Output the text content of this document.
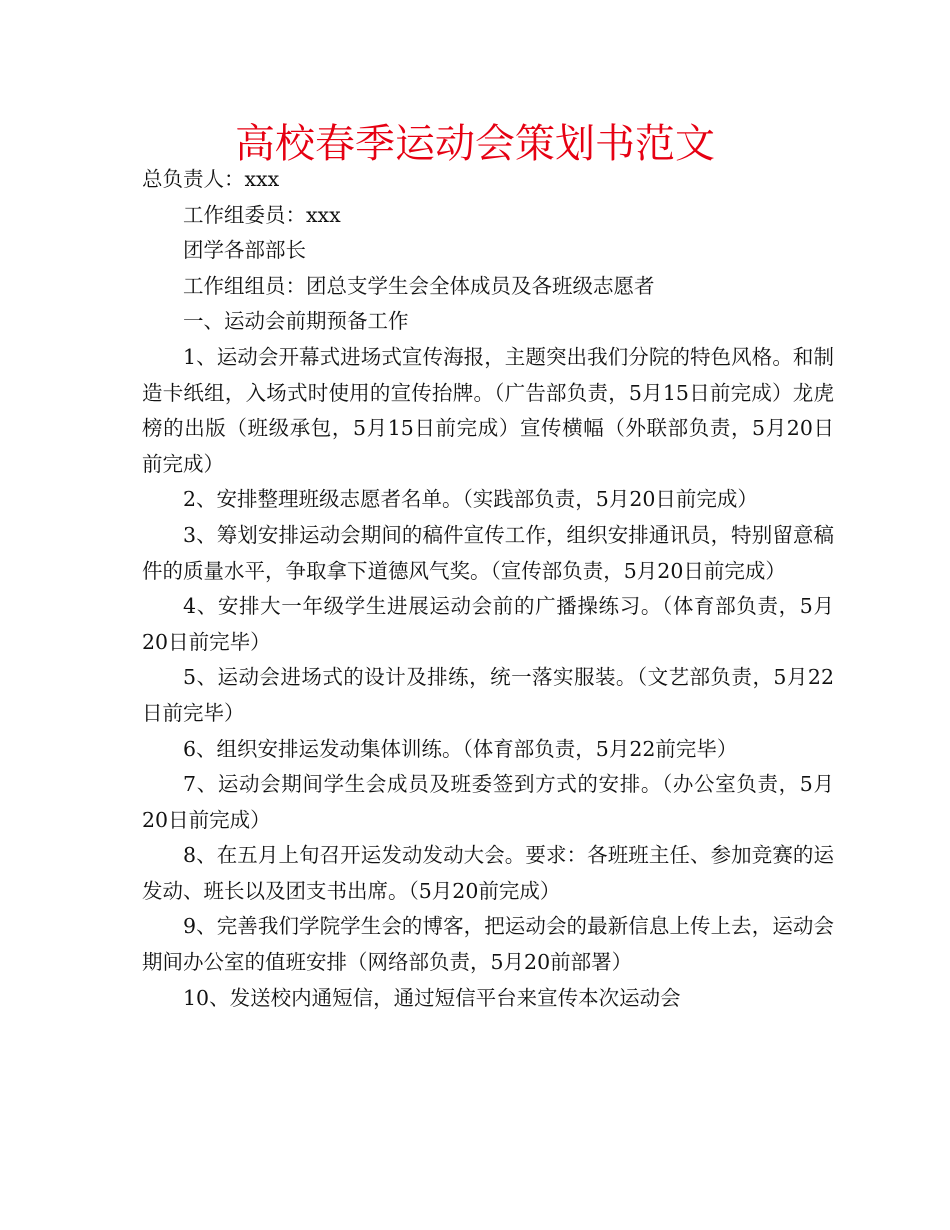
高校春季运动会策划书范文

总负责人：xxx

工作组委员：xxx

团学各部部长

工作组组员：团总支学生会全体成员及各班级志愿者

一、运动会前期预备工作

1、运动会开幕式进场式宣传海报，主题突出我们分院的特色风格。和制造卡纸组，入场式时使用的宣传抬牌。（广告部负责，5月15日前完成）龙虎榜的出版（班级承包，5月15日前完成）宣传横幅（外联部负责，5月20日前完成）

2、安排整理班级志愿者名单。（实践部负责，5月20日前完成）

3、筹划安排运动会期间的稿件宣传工作，组织安排通讯员，特别留意稿件的质量水平，争取拿下道德风气奖。（宣传部负责，5月20日前完成）

4、安排大一年级学生进展运动会前的广播操练习。（体育部负责，5月20日前完毕）

5、运动会进场式的设计及排练，统一落实服装。（文艺部负责，5月22日前完毕）

6、组织安排运发动集体训练。（体育部负责，5月22前完毕）

7、运动会期间学生会成员及班委签到方式的安排。（办公室负责，5月20日前完成）

8、在五月上旬召开运发动发动大会。要求：各班班主任、参加竞赛的运发动、班长以及团支书出席。（5月20前完成）

9、完善我们学院学生会的博客，把运动会的最新信息上传上去，运动会期间办公室的值班安排（网络部负责，5月20前部署）

10、发送校内通短信，通过短信平台来宣传本次运动会
